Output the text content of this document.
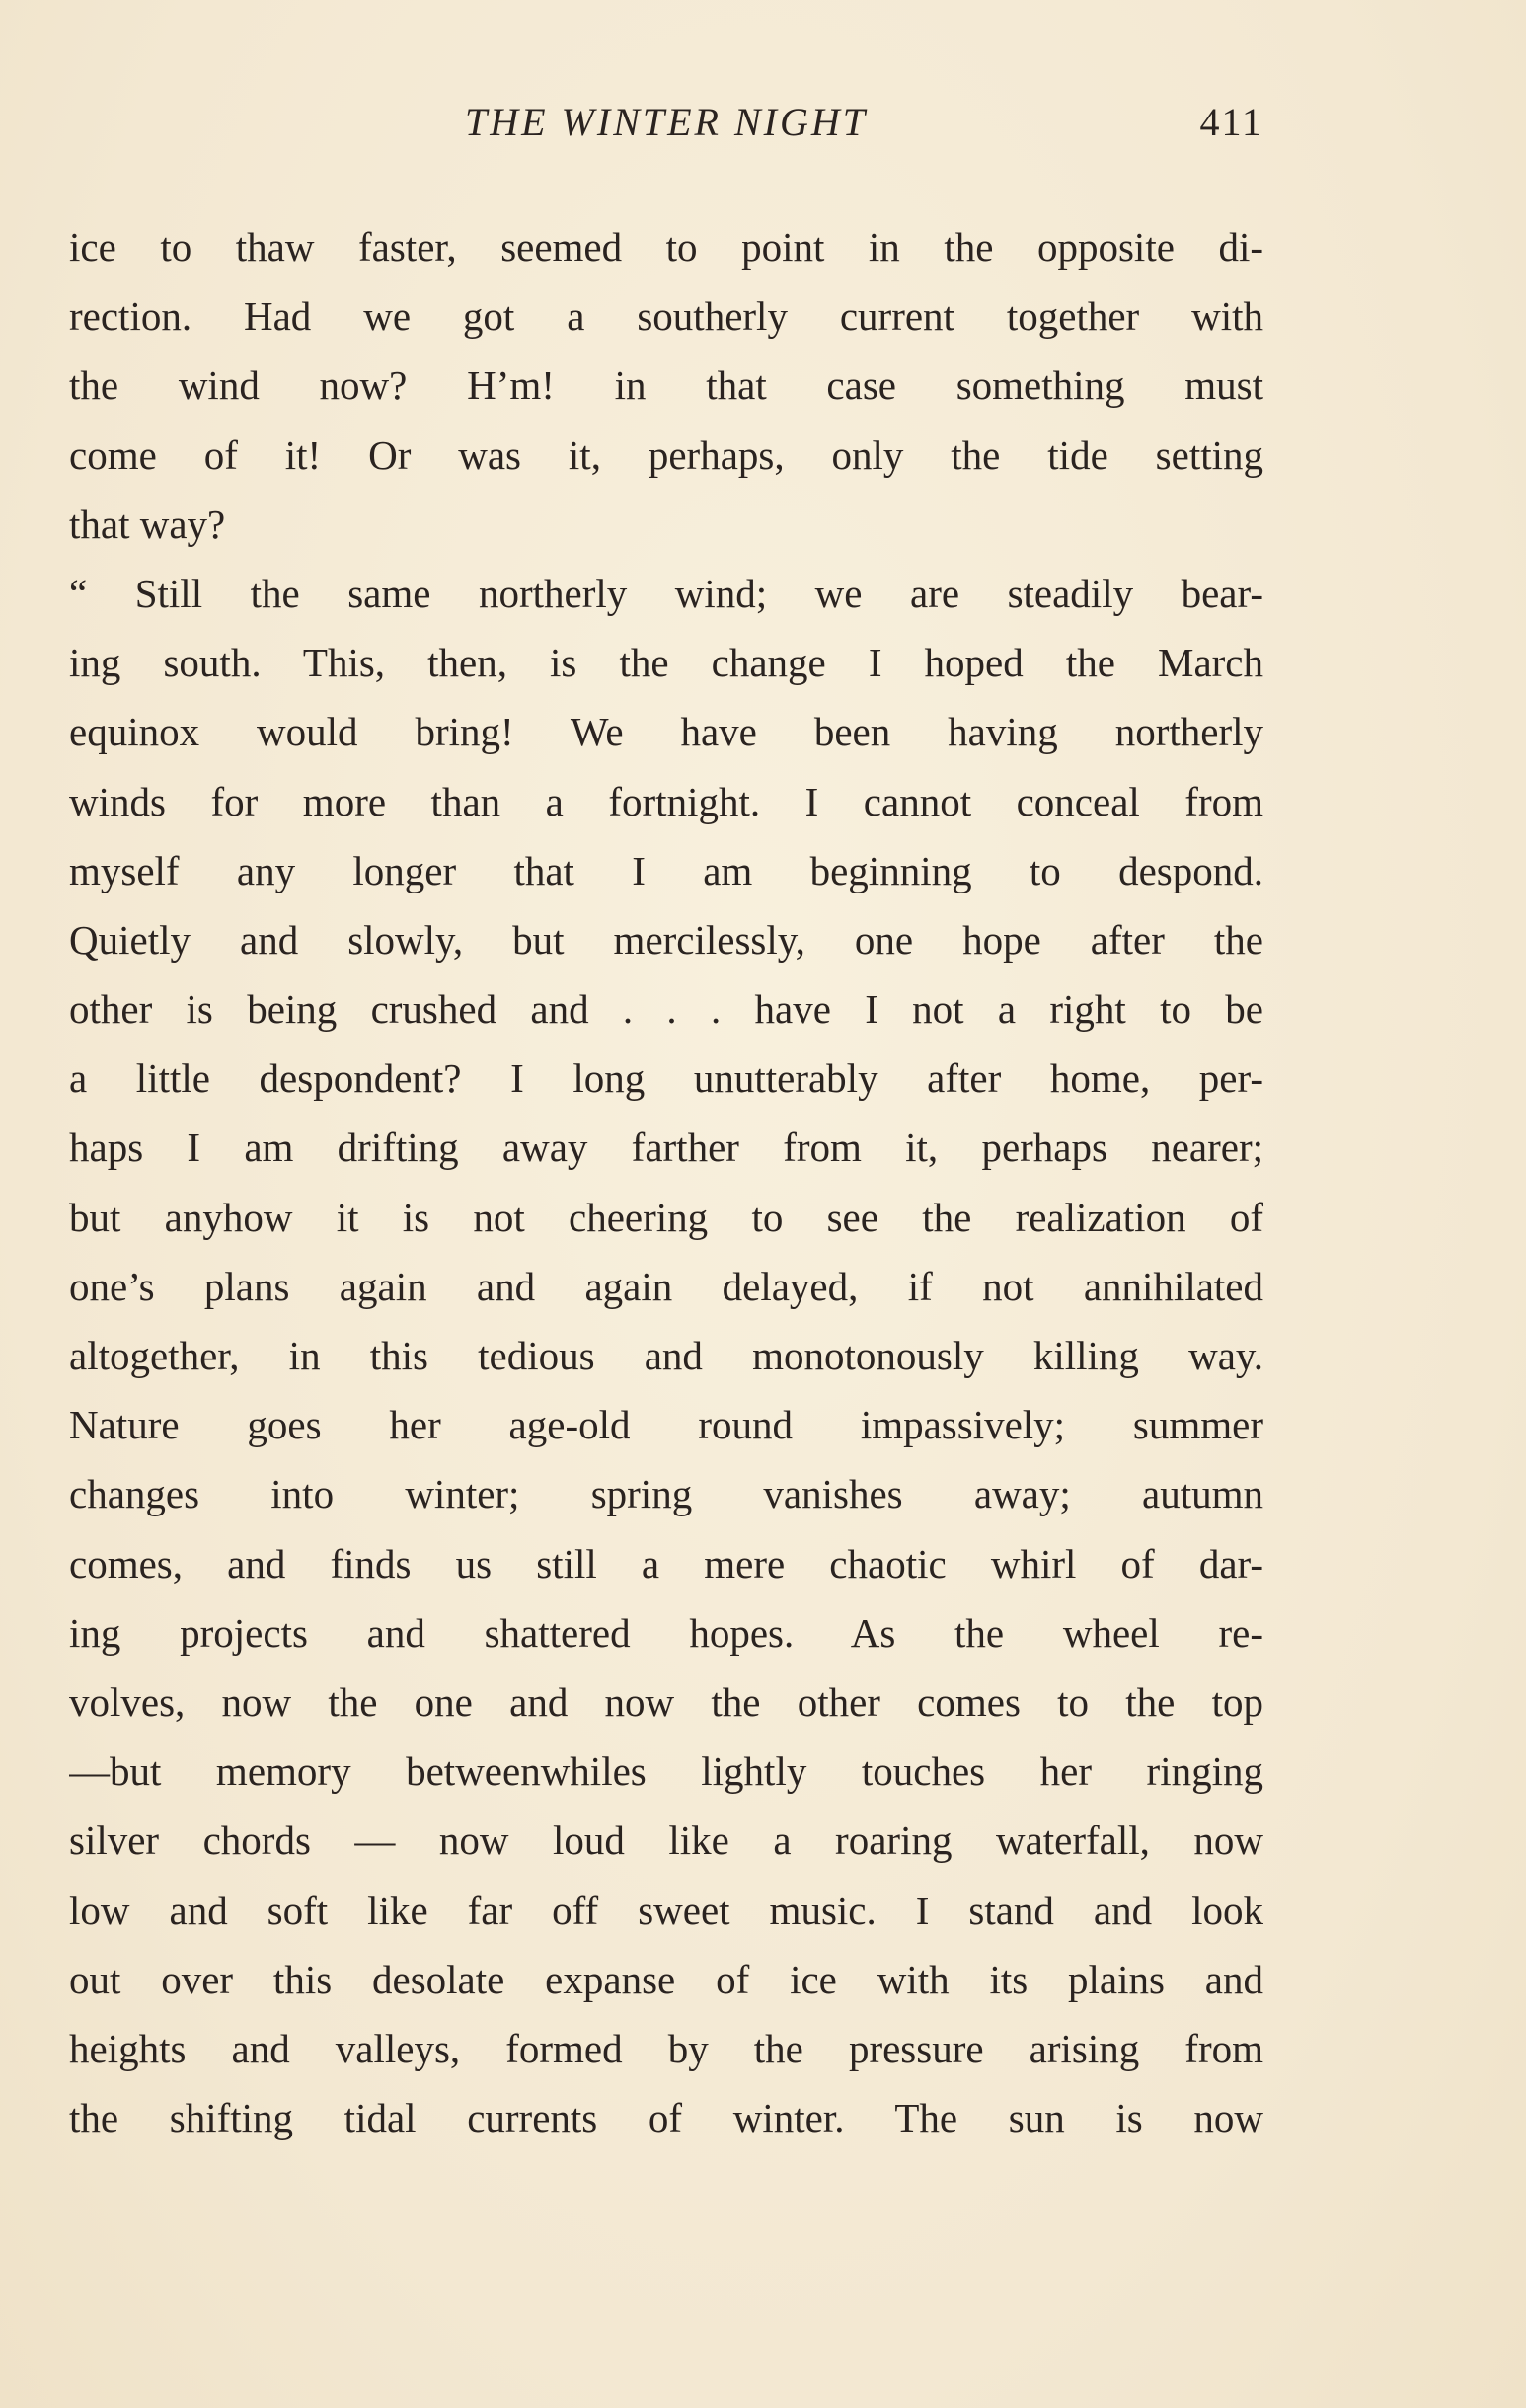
THE WINTER NIGHT	411
ice to thaw faster, seemed to point in the opposite di-
rection. Had we got a southerly current together with
the wind now? H’m! in that case something must
come of it! Or was it, perhaps, only the tide setting
that way?
“ Still the same northerly wind; we are steadily bear-
ing south. This, then, is the change I hoped the March
equinox would bring! We have been having northerly
winds for more than a fortnight. I cannot conceal from
myself any longer that I am beginning to despond.
Quietly and slowly, but mercilessly, one hope after the
other is being crushed and . . . have I not a right to be
a little despondent? I long unutterably after home, per-
haps I am drifting away farther from it, perhaps nearer;
but anyhow it is not cheering to see the realization of
one’s plans again and again delayed, if not annihilated
altogether, in this tedious and monotonously killing way.
Nature goes her age-old round impassively; summer
changes into winter; spring vanishes away; autumn
comes, and finds us still a mere chaotic whirl of dar-
ing projects and shattered hopes. As the wheel re-
volves, now the one and now the other comes to the top
—but memory betweenwhiles lightly touches her ringing
silver chords — now loud like a roaring waterfall, now
low and soft like far off sweet music. I stand and look
out over this desolate expanse of ice with its plains and
heights and valleys, formed by the pressure arising from
the shifting tidal currents of winter. The sun is now
